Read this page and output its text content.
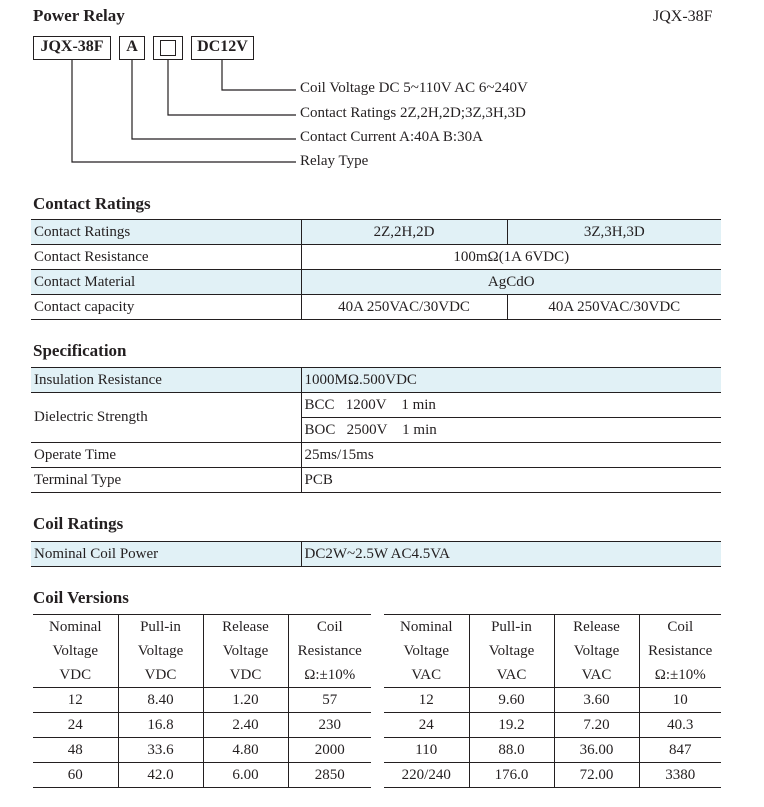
Power Relay	JQX-38F
JQX-38F	A	DC12V
Coil Voltage DC 5~110V AC 6~240V
Contact Ratings 2Z,2H,2D;3Z,3H,3D
Contact Current A:40A B:30A
Relay Type
Contact Ratings
Contact Ratings	2Z,2H,2D	3Z,3H,3D
Contact Resistance	100mΩ(1A 6VDC)	
Contact Material	AgCdO	
Contact capacity	40A 250VAC/30VDC	40A 250VAC/30VDC
Specification
Insulation Resistance	1000MΩ.500VDC
Dielectric Strength	BCC   1200V    1 min
	BOC   2500V    1 min
Operate Time	25ms/15ms
Terminal Type	PCB
Coil Ratings
Nominal Coil Power	DC2W~2.5W AC4.5VA
Coil Versions
Nominal	Pull-in	Release	Coil
Voltage	Voltage	Voltage	Resistance
VDC	VDC	VDC	Ω:±10%
12	8.40	1.20	57
24	16.8	2.40	230
48	33.6	4.80	2000
60	42.0	6.00	2850
Nominal	Pull-in	Release	Coil
Voltage	Voltage	Voltage	Resistance
VAC	VAC	VAC	Ω:±10%
12	9.60	3.60	10
24	19.2	7.20	40.3
110	88.0	36.00	847
220/240	176.0	72.00	3380
